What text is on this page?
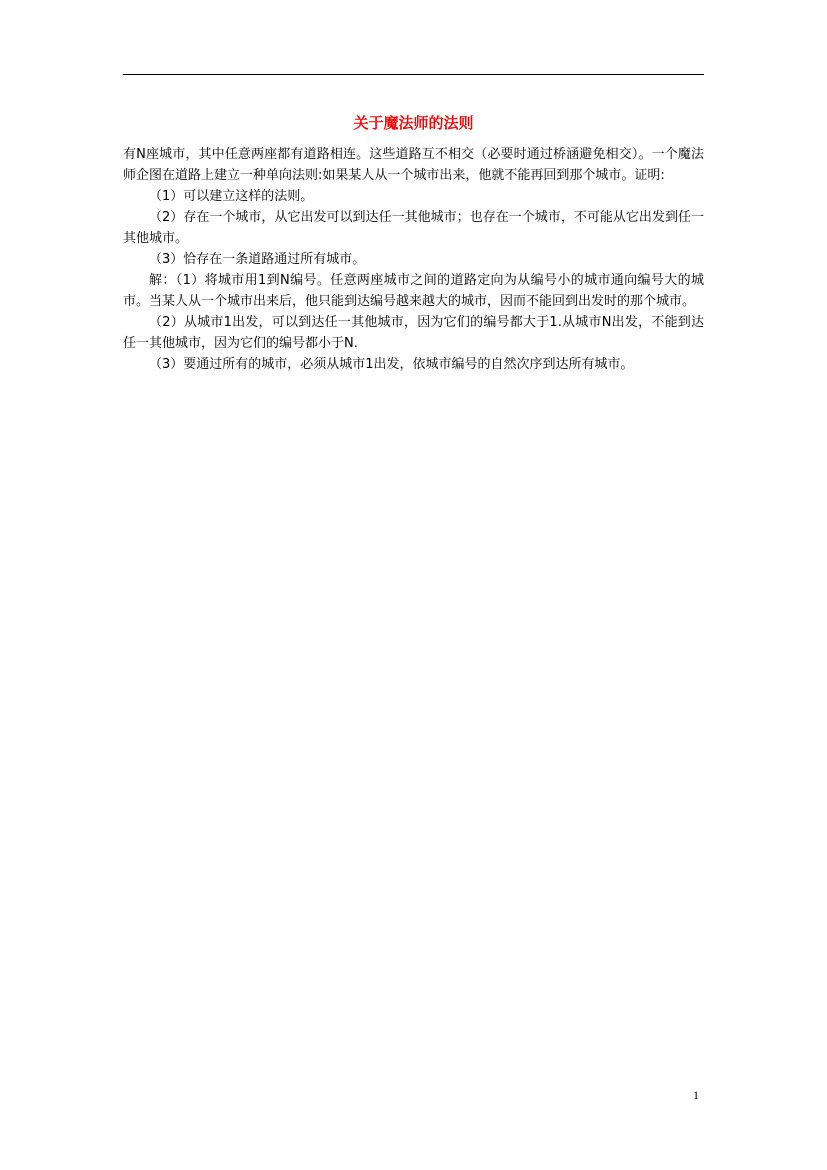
关于魔法师的法则

有N座城市，其中任意两座都有道路相连。这些道路互不相交（必要时通过桥涵避免相交）。一个魔法师企图在道路上建立一种单向法则:如果某人从一个城市出来，他就不能再回到那个城市。证明:

（1）可以建立这样的法则。

（2）存在一个城市，从它出发可以到达任一其他城市；也存在一个城市，不可能从它出发到任一其他城市。

（3）恰存在一条道路通过所有城市。

解：（1）将城市用1到N编号。任意两座城市之间的道路定向为从编号小的城市通向编号大的城市。当某人从一个城市出来后，他只能到达编号越来越大的城市，因而不能回到出发时的那个城市。

（2）从城市1出发，可以到达任一其他城市，因为它们的编号都大于1.从城市N出发，不能到达任一其他城市，因为它们的编号都小于N.

（3）要通过所有的城市，必须从城市1出发，依城市编号的自然次序到达所有城市。

1
